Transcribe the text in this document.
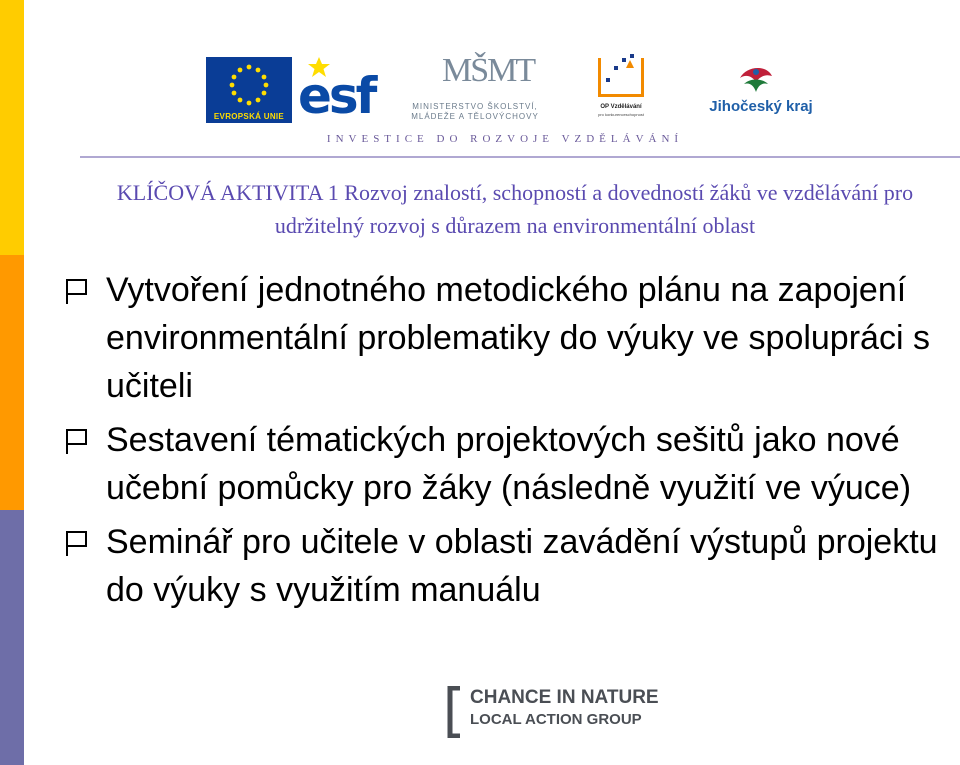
EVROPSKÁ UNIE esf MŠMT
MINISTERSTVO ŠKOLSTVÍ,
MLÁDEŽE A TĚLOVÝCHOVY
OP Vzdělávání
pro konkurenceschopnost	Jihočeský kraj
INVESTICE DO ROZVOJE VZDĚLÁVÁNÍ
KLÍČOVÁ AKTIVITA 1 Rozvoj znalostí, schopností a dovedností žáků ve vzdělávání pro udržitelný rozvoj s důrazem na environmentální oblast
Vytvoření jednotného metodického plánu na zapojení environmentální problematiky do výuky ve spolupráci s učiteli
Sestavení tématických projektových sešitů jako nové učební pomůcky pro žáky (následně využití ve výuce)
Seminář pro učitele v oblasti zavádění výstupů projektu do výuky s využitím manuálu
CHANCE IN NATURE
LOCAL ACTION GROUP
